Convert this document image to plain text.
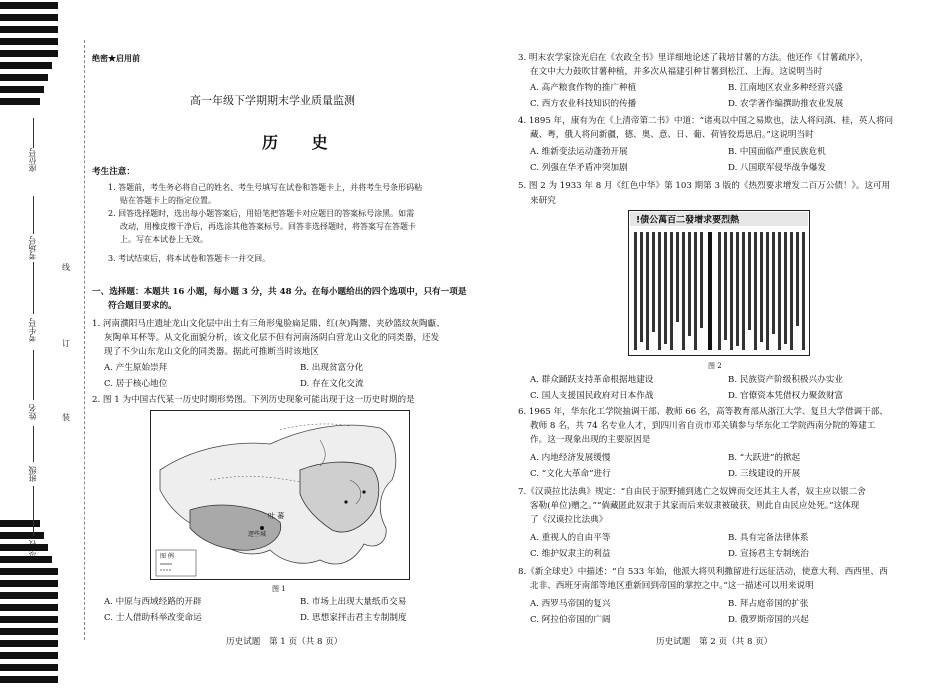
座位号
考场号
考生号
姓名
班级
学校
线
订
装
绝密★启用前
高一年级下学期期末学业质量监测
历 史
考生注意：
1. 答题前，考生务必将自己的姓名、考生号填写在试卷和答题卡上，并将考生号条形码粘
贴在答题卡上的指定位置。
2. 回答选择题时，选出每小题答案后，用铅笔把答题卡对应题目的答案标号涂黑。如需
改动，用橡皮擦干净后，再选涂其他答案标号。回答非选择题时，将答案写在答题卡
上。写在本试卷上无效。
3. 考试结束后，将本试卷和答题卡一并交回。
一、选择题：本题共 16 小题，每小题 3 分，共 48 分。在每小题给出的四个选项中，只有一项是
符合题目要求的。
1. 河南濮阳马庄遗址龙山文化层中出土有三角形鬼脸扁足鼎、红(灰)陶鬶、夹砂篮纹灰陶甗、
灰陶单耳杯等。从文化面貌分析，该文化层不但有河南汤阴白营龙山文化的同类器，还发
现了不少山东龙山文化的同类器。据此可推断当时该地区
A. 产生原始崇拜	B. 出现贫富分化
C. 居于核心地位	D. 存在文化交流
2. 图 1 为中国古代某一历史时期形势图。下列历史现象可能出现于这一历史时期的是
吐 蕃
逻些城
图 例
图 1
A. 中原与西域经路的开辟	B. 市场上出现大量纸币交易
C. 士人借助科举改变命运	D. 思想家抨击君主专制制度
历史试题　第 1 页（共 8 页）
3. 明末农学家徐光启在《农政全书》里详细地论述了栽培甘薯的方法。他还作《甘薯疏序》，
在文中大力鼓吹甘薯种植，并多次从福建引种甘薯到松江、上海。这说明当时
A. 高产粮食作物的推广种植	B. 江南地区农业多种经营兴盛
C. 西方农业科技知识的传播	D. 农学著作编撰助推农业发展
4. 1895 年，康有为在《上清帝第二书》中道：“诸夷以中国之易欺也，法人将问滇、桂，英人将问
藏、粤，俄人将问新疆，德、奥、意、日、葡、荷皆狡焉思启。”这说明当时
A. 维新变法运动蓬勃开展	B. 中国面临严重民族危机
C. 列强在华矛盾冲突加剧	D. 八国联军侵华战争爆发
5. 图 2 为 1933 年 8 月《红色中华》第 103 期第 3 版的《热烈要求增发二百万公债！》。这可用
来研究
!债公萬百二發增求要烈熱
图 2
A. 群众踊跃支持革命根据地建设	B. 民族资产阶级积极兴办实业
C. 国人支援国民政府对日本作战	D. 官僚资本凭借权力聚敛财富
6. 1965 年，华东化工学院抽调干部、教师 66 名，高等教育部从浙江大学、复旦大学借调干部、
教师 8 名，共 74 名专业人才，到四川省自贡市邓关镇参与华东化工学院西南分院的筹建工
作。这一现象出现的主要原因是
A. 内地经济发展缓慢	B. “大跃进”的掀起
C. “文化大革命”进行	D. 三线建设的开展
7.《汉谟拉比法典》规定：“自由民于原野捕到逃亡之奴婢而交还其主人者，奴主应以银二舍
客勒(单位)赠之。”“倘藏匿此奴隶于其家而后来奴隶被破获，则此自由民应处死。”这体现
了《汉谟拉比法典》
A. 重视人的自由平等	B. 具有完备法律体系
C. 维护奴隶主的利益	D. 宣扬君主专制统治
8.《新全球史》中描述：“自 533 年始，他派大将贝利撒留进行远征活动，使意大利、西西里、西
北非、西班牙南部等地区重新回到帝国的掌控之中。”这一描述可以用来说明
A. 西罗马帝国的复兴	B. 拜占庭帝国的扩张
C. 阿拉伯帝国的广阔	D. 俄罗斯帝国的兴起
历史试题　第 2 页（共 8 页）
